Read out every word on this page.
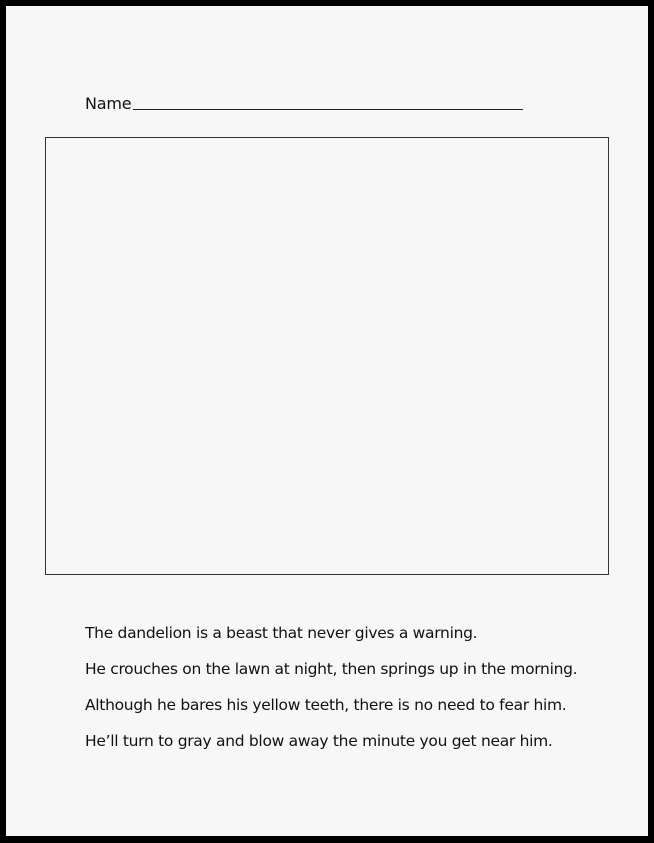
Name
The dandelion is a beast that never gives a warning.
He crouches on the lawn at night, then springs up in the morning.
Although he bares his yellow teeth, there is no need to fear him.
He’ll turn to gray and blow away the minute you get near him.
